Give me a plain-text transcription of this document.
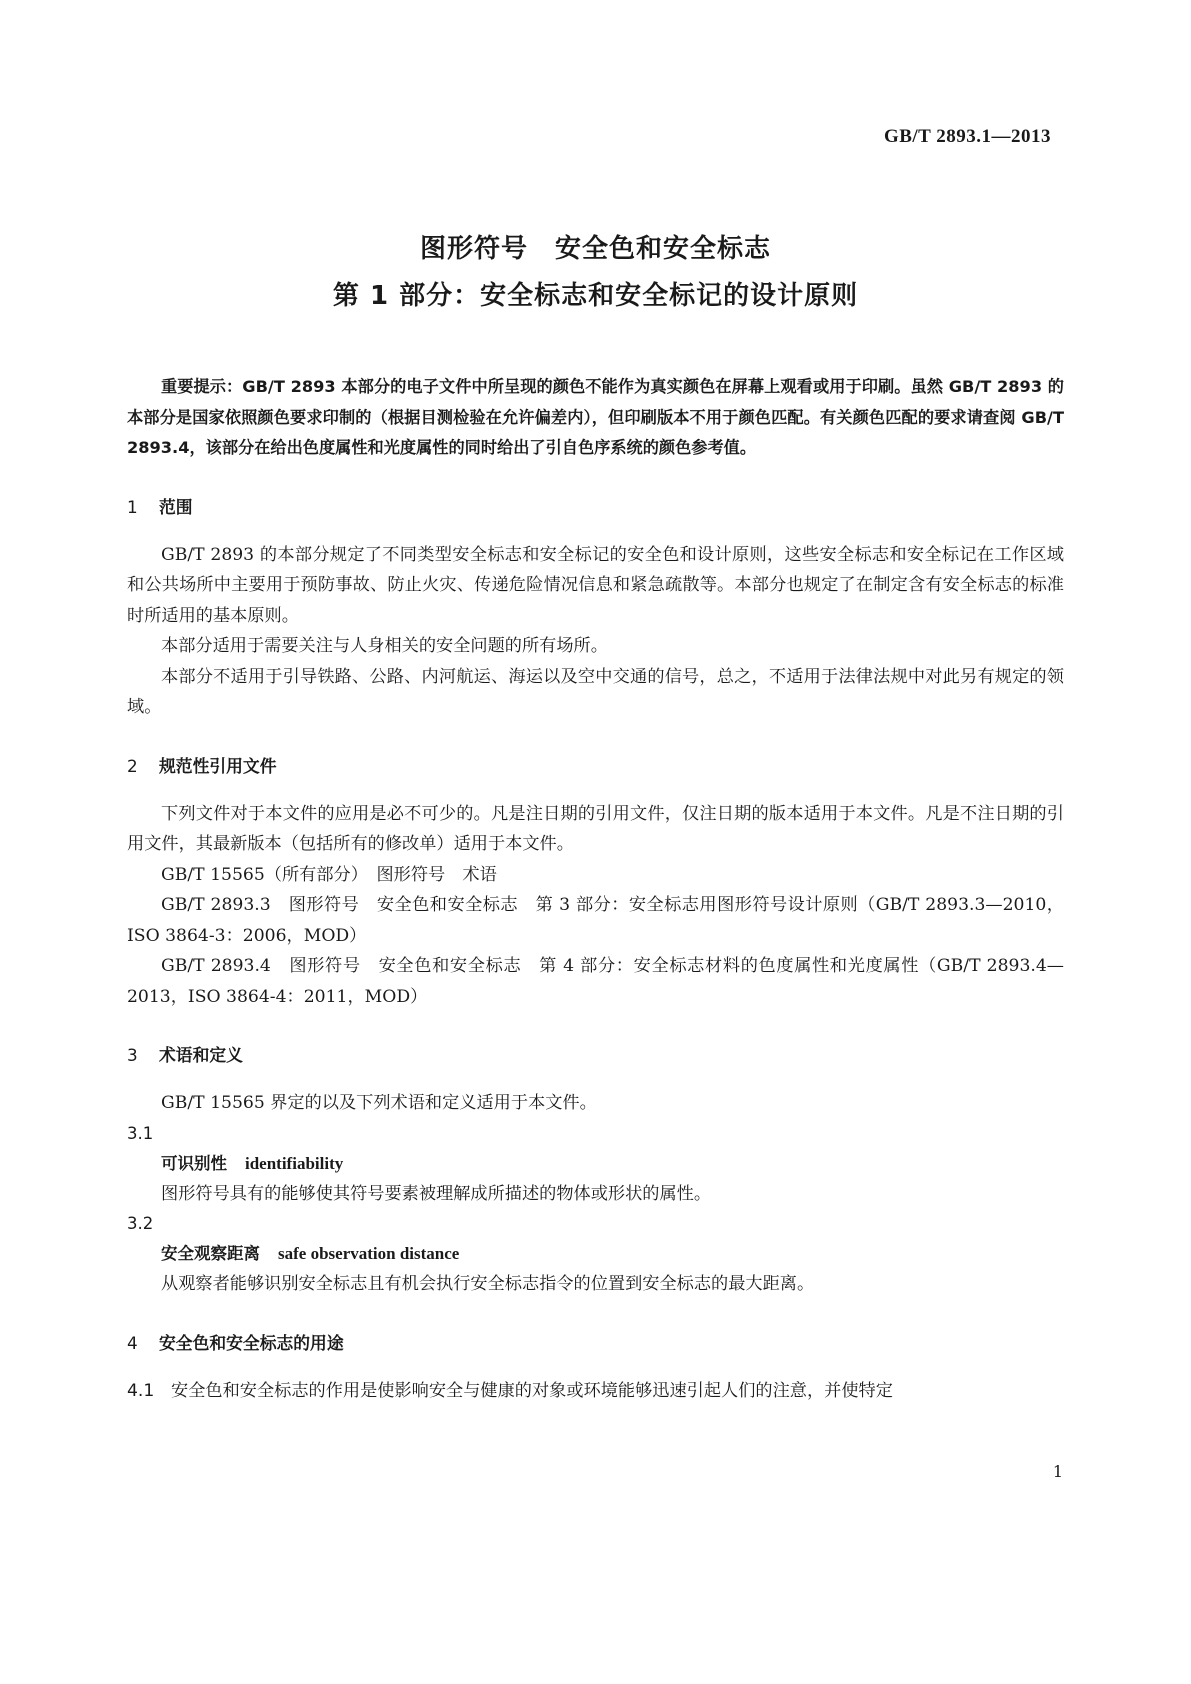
GB/T 2893.1—2013
图形符号　安全色和安全标志
第 1 部分：安全标志和安全标记的设计原则

重要提示：GB/T 2893 本部分的电子文件中所呈现的颜色不能作为真实颜色在屏幕上观看或用于印刷。虽然 GB/T 2893 的本部分是国家依照颜色要求印制的（根据目测检验在允许偏差内），但印刷版本不用于颜色匹配。有关颜色匹配的要求请查阅 GB/T 2893.4，该部分在给出色度属性和光度属性的同时给出了引自色序系统的颜色参考值。

1 范围

GB/T 2893 的本部分规定了不同类型安全标志和安全标记的安全色和设计原则，这些安全标志和安全标记在工作区域和公共场所中主要用于预防事故、防止火灾、传递危险情况信息和紧急疏散等。本部分也规定了在制定含有安全标志的标准时所适用的基本原则。

本部分适用于需要关注与人身相关的安全问题的所有场所。

本部分不适用于引导铁路、公路、内河航运、海运以及空中交通的信号，总之，不适用于法律法规中对此另有规定的领域。

2 规范性引用文件

下列文件对于本文件的应用是必不可少的。凡是注日期的引用文件，仅注日期的版本适用于本文件。凡是不注日期的引用文件，其最新版本（包括所有的修改单）适用于本文件。

GB/T 15565（所有部分）　图形符号　术语

GB/T 2893.3　图形符号　安全色和安全标志　第 3 部分：安全标志用图形符号设计原则（GB/T 2893.3—2010，ISO 3864-3：2006，MOD）

GB/T 2893.4　图形符号　安全色和安全标志　第 4 部分：安全标志材料的色度属性和光度属性（GB/T 2893.4—2013，ISO 3864-4：2011，MOD）

3 术语和定义

GB/T 15565 界定的以及下列术语和定义适用于本文件。

3.1
可识别性 identifiability

图形符号具有的能够使其符号要素被理解成所描述的物体或形状的属性。

3.2
安全观察距离 safe observation distance

从观察者能够识别安全标志且有机会执行安全标志指令的位置到安全标志的最大距离。

4 安全色和安全标志的用途

4.1 安全色和安全标志的作用是使影响安全与健康的对象或环境能够迅速引起人们的注意，并使特定

1
